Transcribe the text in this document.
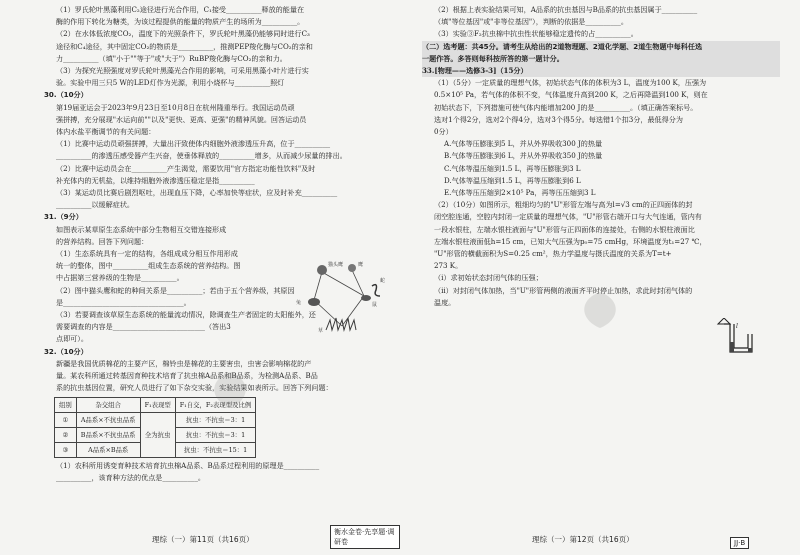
（1）罗氏轮叶黑藻利用C₂途径进行光合作用，C₁接受__________释放的能量在
酶的作用下转化为糖类，为该过程提供的能量的物质产生的场所为__________。
（2）在水体低浓度CO₂，温度下的光照条件下，罗氏轮叶黑藻仍能够同时进行C₃
途径和C₄途径，其中固定CO₂的物质是__________，推测PEP羧化酶与CO₂的亲和
力__________（填"小于""等于"或"大于"）RuBP羧化酶与CO₂的亲和力。
（3）为探究光照强度对罗氏轮叶黑藻光合作用的影响，可采用黑藻小叶片进行实
验。实验中用三只5 W的LED灯作为光源，利用小烧杯与__________照灯
30.（10分）
第19届亚运会于2023年9月23日至10月8日在杭州隆重举行。我国运动员顽
强拼搏，充分展现"水运向前""以及"更快、更高、更强"的精神风貌。回答运动员
体内水盐平衡调节的有关问题：
（1）比赛中运动员顽强拼搏，大量出汗致使体内细胞外液渗透压升高，位于__________
__________的渗透压感受器产生兴奋，使垂体释放的__________增多，从而减少尿量的排出。
（2）比赛中运动员会在__________产生渴觉，需要饮用"官方指定功能性饮料"及时
补充体内的无机盐，以维持细胞外液渗透压稳定是指__________
（3）某运动员比赛后剧烈呕吐，出现血压下降，心率加快等症状，应及时补充__________
__________以缓解症状。
31.（9分）
如图表示某草原生态系统中部分生物相互交错连接形成
的营养结构。回答下列问题：
（1）生态系统具有一定的结构，各组成成分相互作用形成
统一的整体，图中__________组成生态系统的营养结构。图
中占据第三营养级的生物是__________。
（2）图中猫头鹰和蛇的种间关系是__________；若由于五个营养级，其原因
是__________________________________。
（3）若要调查该草原生态系统的能量流动情况，除调查生产者固定的太阳能外，还
需要调查的内容是__________________________（答出3
点即可）。
32.（10分）
新疆是我国优质棉花的主要产区，棉铃虫是棉花的主要害虫，虫害会影响棉花的产
量。某农科所通过转基因育种技术培育了抗虫棉A品系和B品系，为检测A品系、B品
系的抗虫基因位置，研究人员进行了如下杂交实验，实验结果如表所示。回答下列问题：
组别	杂交组合	F₁表现型	F₁自交，F₂表现型及比例
①	A品系×不抗虫品系	全为抗虫	抗虫：不抗虫＝3：1
②	B品系×不抗虫品系		抗虫：不抗虫＝3：1
③	A品系×B品系		抗虫：不抗虫＝15：1
（1）农科所用诱变育种技术培育抗虫棉A品系、B品系过程利用的原理是__________
__________，该育种方法的优点是__________。
猫头鹰	鹰
兔	鼠
蛇
草
理综（一）第11页（共16页）
衡水金卷·先享题·调研卷
（2）根据上表实验结果可知，A品系的抗虫基因与B品系的抗虫基因属于__________
（填"等位基因"或"非等位基因"），判断的依据是__________。
（3）实验③F₂抗虫棉中抗虫性状能够稳定遗传的占__________。
（二）选考题：共45分。请考生从给出的2道物理题、2道化学题、2道生物题中每科任选
一题作答。多答则每科按所答的第一题计分。
33.[物理——选修3-3]（15分）
（1）（5分）一定质量的理想气体，初始状态气体的体积为3 L，温度为100 K，压强为
0.5×10⁵ Pa，若气体的体积不变，气体温度升高到200 K，之后再降温到100 K，则在
初始状态下，下列措施可使气体内能增加200 J的是__________。（填正确答案标号。
选对1个得2分，选对2个得4分，选对3个得5分。每选错1个扣3分，最低得分为
0分）
A.气体等压膨胀到5 L，并从外界吸收300 J的热量
B.气体等压膨胀到6 L，并从外界吸收350 J的热量
C.气体等温压缩到1.5 L，再等压膨胀到3 L
D.气体等温压缩到1.5 L，再等压膨胀到6 L
E.气体等压压缩到2×10⁵ Pa，再等压压缩到3 L
（2）（10分）如图所示，粗细均匀的"U"形管左端与高为l=√3 cm的正四面体的封
闭空腔连通，空腔内封闭一定质量的理想气体，"U"形管右端开口与大气连通，管内有
一段水银柱，左端水银柱液面与"U"形管与正四面体的连接处，右侧的水银柱液面比
左端水银柱液面低h=15 cm，已知大气压强为p₀=75 cmHg，环境温度为t₁=27 ℃，
"U"形管的横截面积为S=0.25 cm²，热力学温度与摄氏温度的关系为T=t+
273 K。
（ⅰ）求初始状态封闭气体的压强；
（ⅱ）对封闭气体加热，当"U"形管两侧的液面齐平时停止加热，求此时封闭气体的
温度。
l
理综（一）第12页（共16页）	JJ·B
